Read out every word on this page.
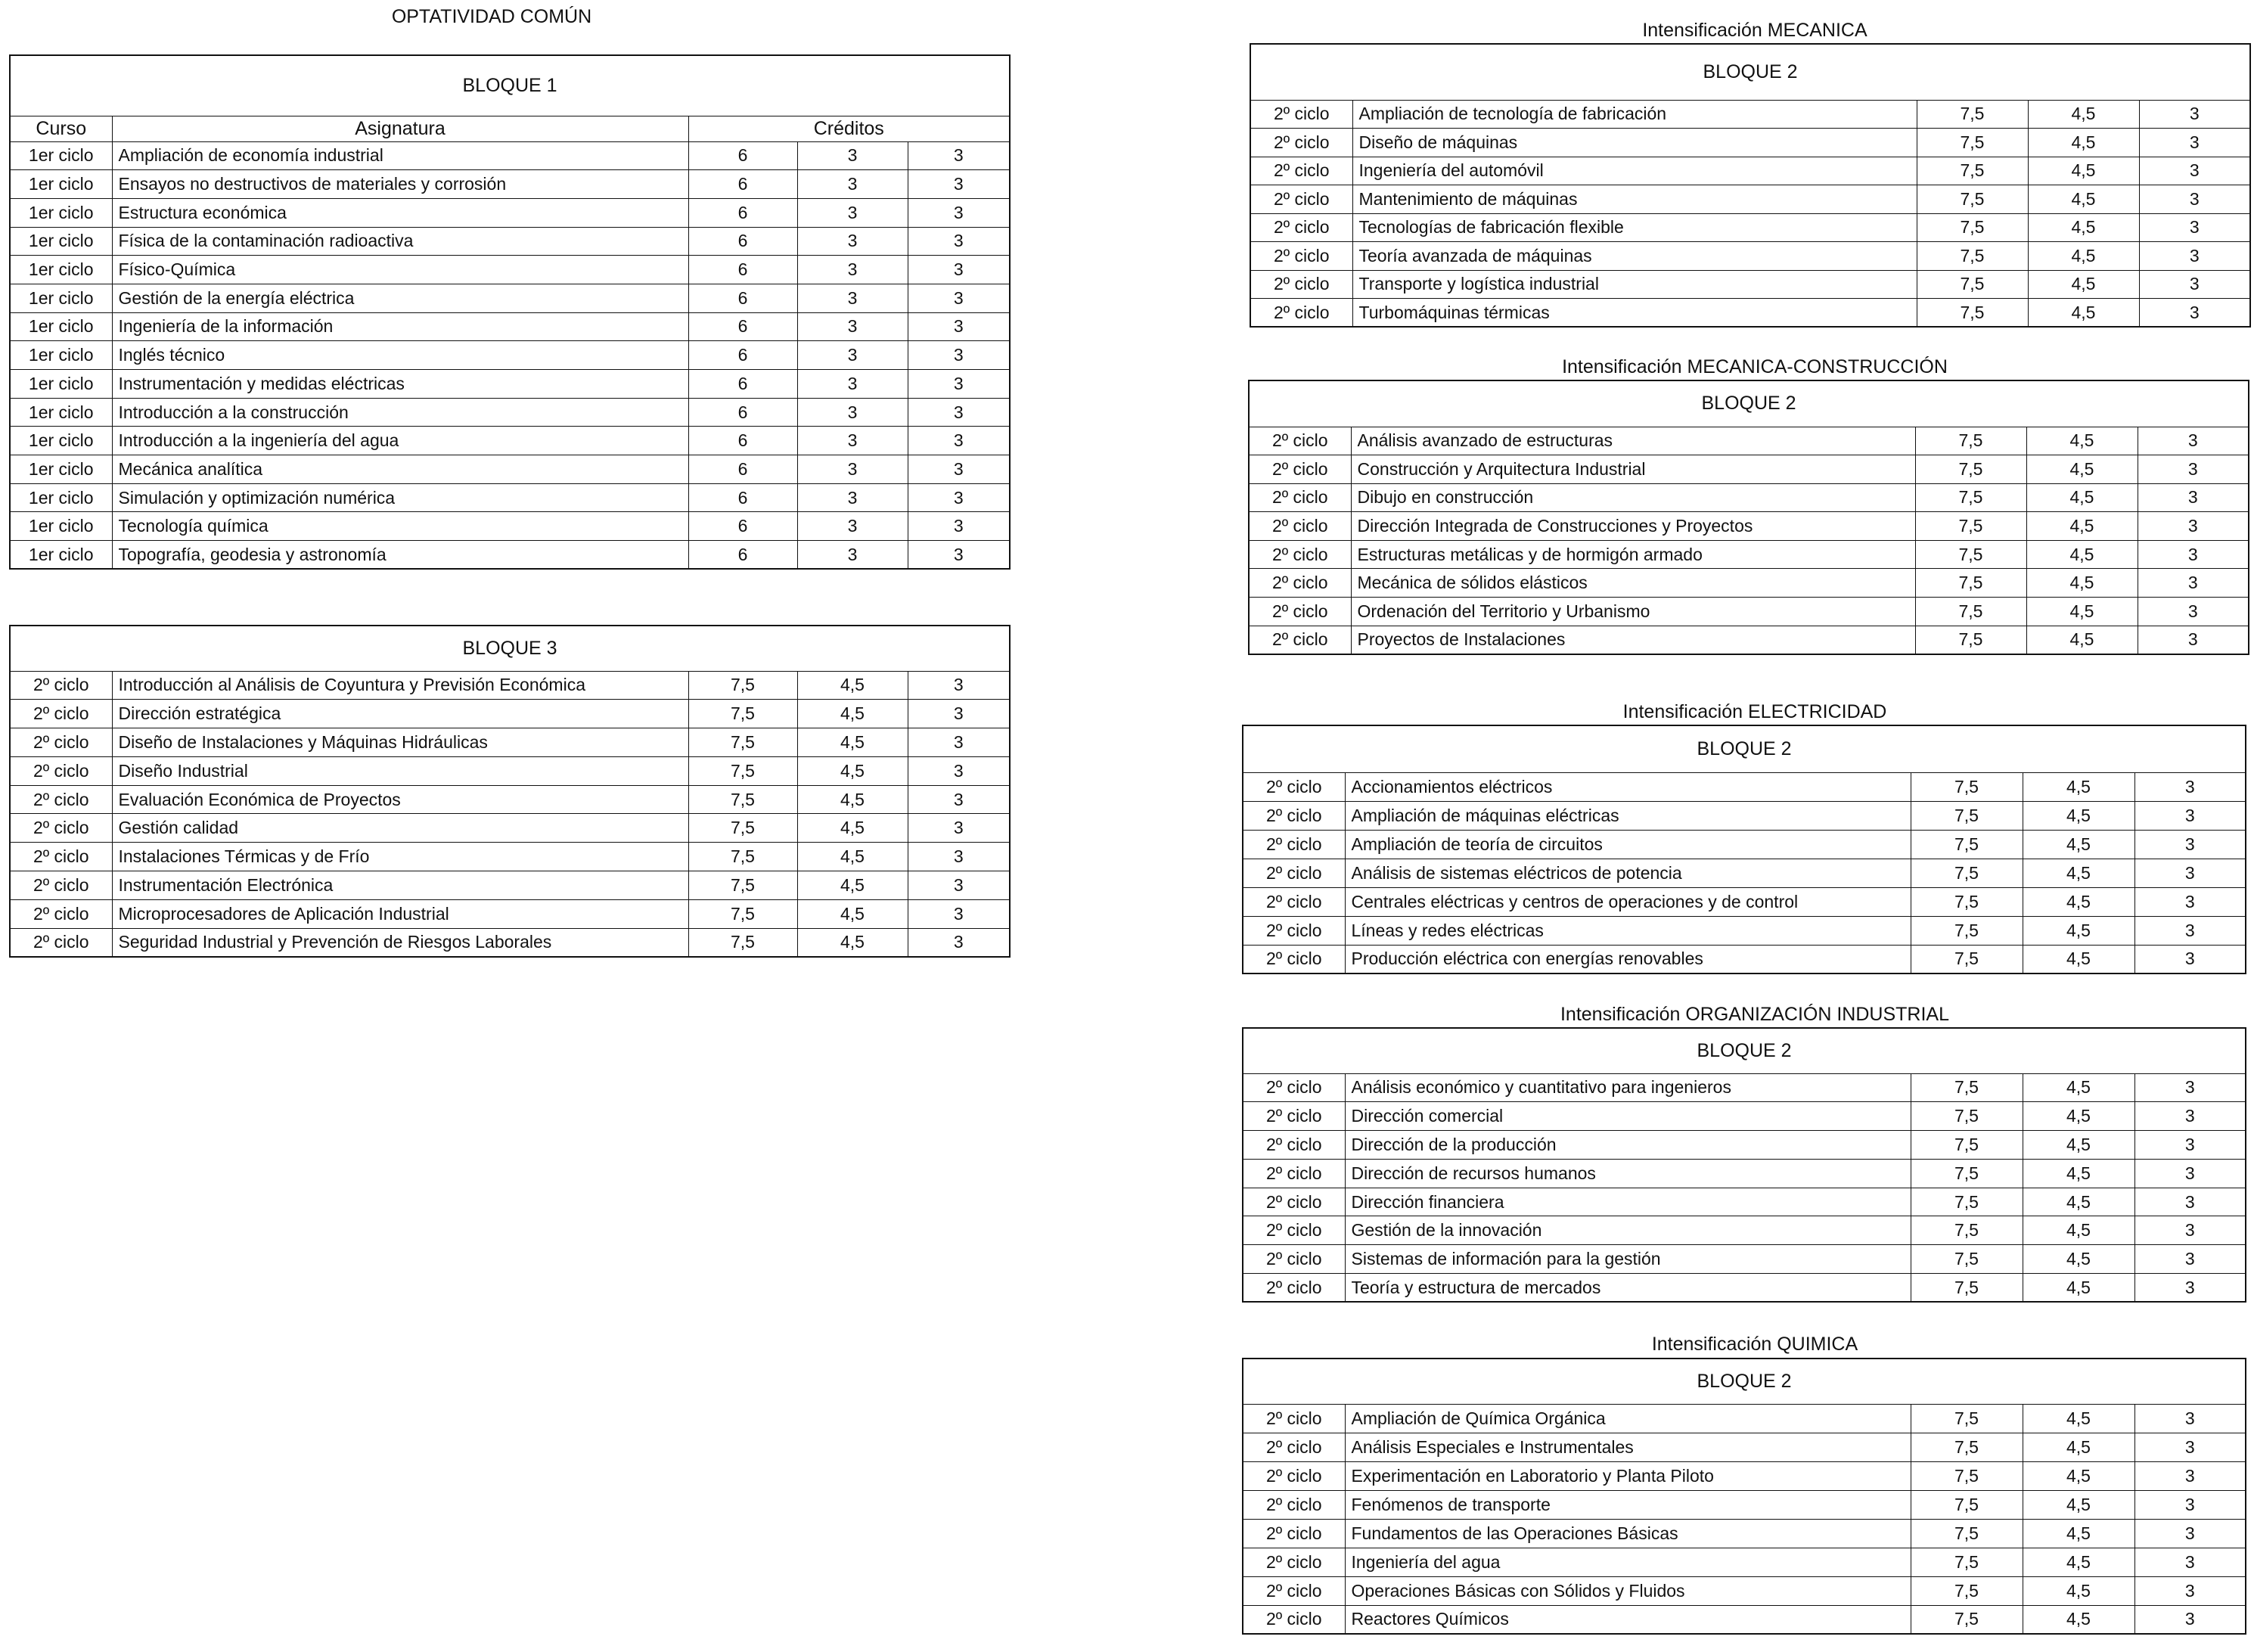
OPTATIVIDAD COMÚN
BLOQUE 1				
Curso	Asignatura	Créditos		
1er ciclo	Ampliación de economía industrial	6	3	3
1er ciclo	Ensayos no destructivos de materiales y corrosión	6	3	3
1er ciclo	Estructura económica	6	3	3
1er ciclo	Física de la contaminación radioactiva	6	3	3
1er ciclo	Físico-Química	6	3	3
1er ciclo	Gestión de la energía eléctrica	6	3	3
1er ciclo	Ingeniería de la información	6	3	3
1er ciclo	Inglés técnico	6	3	3
1er ciclo	Instrumentación y medidas eléctricas	6	3	3
1er ciclo	Introducción a la construcción	6	3	3
1er ciclo	Introducción a la ingeniería del agua	6	3	3
1er ciclo	Mecánica analítica	6	3	3
1er ciclo	Simulación y optimización numérica	6	3	3
1er ciclo	Tecnología química	6	3	3
1er ciclo	Topografía, geodesia y astronomía	6	3	3
BLOQUE 3				
2º ciclo	Introducción al Análisis de Coyuntura y Previsión Económica	7,5	4,5	3
2º ciclo	Dirección estratégica	7,5	4,5	3
2º ciclo	Diseño de Instalaciones y Máquinas Hidráulicas	7,5	4,5	3
2º ciclo	Diseño Industrial	7,5	4,5	3
2º ciclo	Evaluación Económica de Proyectos	7,5	4,5	3
2º ciclo	Gestión calidad	7,5	4,5	3
2º ciclo	Instalaciones Térmicas y de Frío	7,5	4,5	3
2º ciclo	Instrumentación Electrónica	7,5	4,5	3
2º ciclo	Microprocesadores de Aplicación Industrial	7,5	4,5	3
2º ciclo	Seguridad Industrial y Prevención de Riesgos Laborales	7,5	4,5	3
Intensificación MECANICA
BLOQUE 2				
2º ciclo	Ampliación de tecnología de fabricación	7,5	4,5	3
2º ciclo	Diseño de máquinas	7,5	4,5	3
2º ciclo	Ingeniería del automóvil	7,5	4,5	3
2º ciclo	Mantenimiento de máquinas	7,5	4,5	3
2º ciclo	Tecnologías de fabricación flexible	7,5	4,5	3
2º ciclo	Teoría avanzada de máquinas	7,5	4,5	3
2º ciclo	Transporte y logística industrial	7,5	4,5	3
2º ciclo	Turbomáquinas térmicas	7,5	4,5	3
Intensificación MECANICA-CONSTRUCCIÓN
BLOQUE 2				
2º ciclo	Análisis avanzado de estructuras	7,5	4,5	3
2º ciclo	Construcción y Arquitectura Industrial	7,5	4,5	3
2º ciclo	Dibujo en construcción	7,5	4,5	3
2º ciclo	Dirección Integrada de Construcciones y Proyectos	7,5	4,5	3
2º ciclo	Estructuras metálicas y de hormigón armado	7,5	4,5	3
2º ciclo	Mecánica de sólidos elásticos	7,5	4,5	3
2º ciclo	Ordenación del Territorio y Urbanismo	7,5	4,5	3
2º ciclo	Proyectos de Instalaciones	7,5	4,5	3
Intensificación ELECTRICIDAD
BLOQUE 2				
2º ciclo	Accionamientos eléctricos	7,5	4,5	3
2º ciclo	Ampliación de máquinas eléctricas	7,5	4,5	3
2º ciclo	Ampliación de teoría de circuitos	7,5	4,5	3
2º ciclo	Análisis de sistemas eléctricos de potencia	7,5	4,5	3
2º ciclo	Centrales eléctricas y centros de operaciones y de control	7,5	4,5	3
2º ciclo	Líneas y redes eléctricas	7,5	4,5	3
2º ciclo	Producción eléctrica con energías renovables	7,5	4,5	3
Intensificación ORGANIZACIÓN INDUSTRIAL
BLOQUE 2				
2º ciclo	Análisis económico y cuantitativo para ingenieros	7,5	4,5	3
2º ciclo	Dirección comercial	7,5	4,5	3
2º ciclo	Dirección de la producción	7,5	4,5	3
2º ciclo	Dirección de recursos humanos	7,5	4,5	3
2º ciclo	Dirección financiera	7,5	4,5	3
2º ciclo	Gestión de la innovación	7,5	4,5	3
2º ciclo	Sistemas de información para la gestión	7,5	4,5	3
2º ciclo	Teoría y estructura de mercados	7,5	4,5	3
Intensificación QUIMICA
BLOQUE 2				
2º ciclo	Ampliación de Química Orgánica	7,5	4,5	3
2º ciclo	Análisis Especiales e Instrumentales	7,5	4,5	3
2º ciclo	Experimentación en Laboratorio y Planta Piloto	7,5	4,5	3
2º ciclo	Fenómenos de transporte	7,5	4,5	3
2º ciclo	Fundamentos de las Operaciones Básicas	7,5	4,5	3
2º ciclo	Ingeniería del agua	7,5	4,5	3
2º ciclo	Operaciones Básicas con Sólidos y Fluidos	7,5	4,5	3
2º ciclo	Reactores Químicos	7,5	4,5	3
